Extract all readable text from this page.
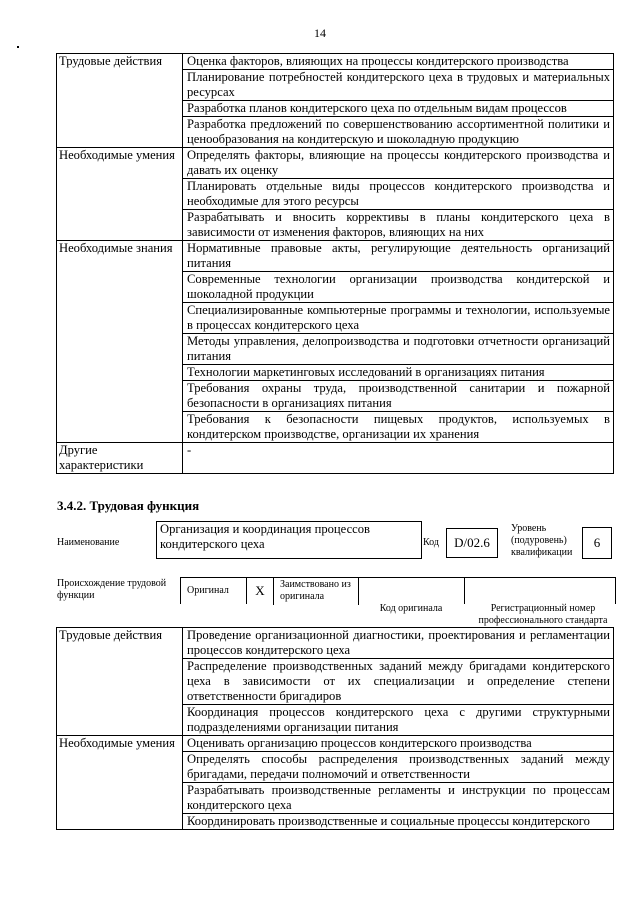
14
Трудовые действия	Оценка факторов, влияющих на процессы кондитерского производства
	Планирование потребностей кондитерского цеха в трудовых и материальных ресурсах
	Разработка планов кондитерского цеха по отдельным видам процессов
	Разработка предложений по совершенствованию ассортиментной политики и ценообразования на кондитерскую и шоколадную продукцию
Необходимые умения	Определять факторы, влияющие на процессы кондитерского производства и давать их оценку
	Планировать отдельные виды процессов кондитерского производства и необходимые для этого ресурсы
	Разрабатывать и вносить коррективы в планы кондитерского цеха в зависимости от изменения факторов, влияющих на них
Необходимые знания	Нормативные правовые акты, регулирующие деятельность организаций питания
	Современные технологии организации производства кондитерской и шоколадной продукции
	Специализированные компьютерные программы и технологии, используемые в процессах кондитерского цеха
	Методы управления, делопроизводства и подготовки отчетности организаций питания
	Технологии маркетинговых исследований в организациях питания
	Требования охраны труда, производственной санитарии и пожарной безопасности в организациях питания
	Требования к безопасности пищевых продуктов, используемых в кондитерском производстве, организации их хранения
Другие характеристики	-
3.4.2. Трудовая функция
Наименование
Организация и координация процессов кондитерского цеха	Код	D/02.6
Уровень (подуровень) квалификации
6
Происхождение трудовой функции	Оригинал	X	Заимствовано из оригинала
Код оригинала	Регистрационный номер профессионального стандарта
Трудовые действия	Проведение организационной диагностики, проектирования и регламентации процессов кондитерского цеха
	Распределение производственных заданий между бригадами кондитерского цеха в зависимости от их специализации и определение степени ответственности бригадиров
	Координация процессов кондитерского цеха с другими структурными подразделениями организации питания
Необходимые умения	Оценивать организацию процессов кондитерского производства
	Определять способы распределения производственных заданий между бригадами, передачи полномочий и ответственности
	Разрабатывать производственные регламенты и инструкции по процессам кондитерского цеха
	Координировать производственные и социальные процессы кондитерского
